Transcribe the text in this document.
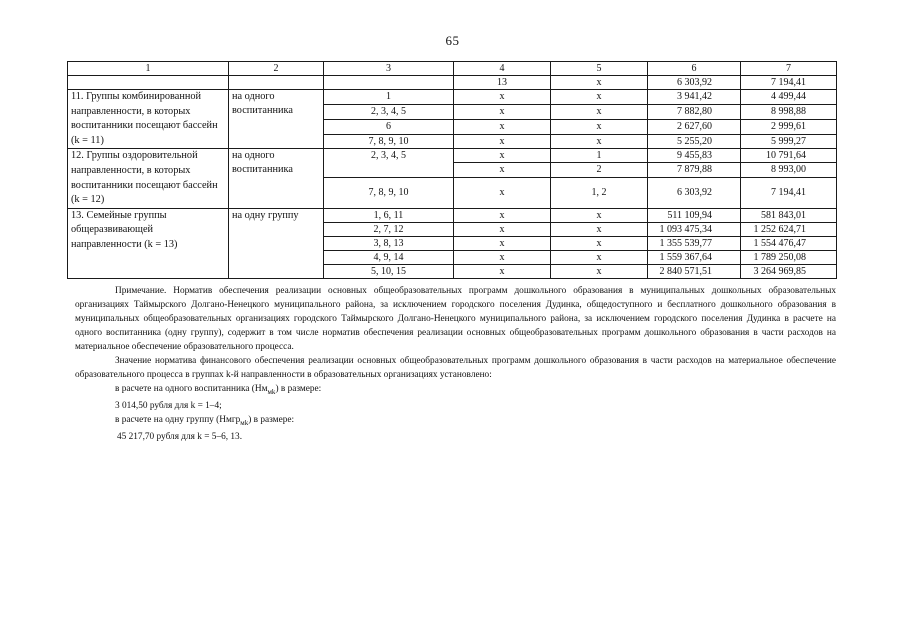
65
1	2	3	4	5	6	7
			13	х	6 303,92	7 194,41
11. Группы комбинированной направленности, в которых воспитанники посещают бассейн (k = 11)	на одного воспитанника	1	х	х	3 941,42	4 499,44
		2, 3, 4, 5	х	х	7 882,80	8 998,88
		6	х	х	2 627,60	2 999,61
		7, 8, 9, 10	х	х	5 255,20	5 999,27
12. Группы оздоровительной направленности, в которых воспитанники посещают бассейн (k = 12)	на одного воспитанника	2, 3, 4, 5	х	1	9 455,83	10 791,64
			х	2	7 879,88	8 993,00
		7, 8, 9, 10	х	1, 2	6 303,92	7 194,41
13. Семейные группы общеразвивающей направленности (k = 13)	на одну группу	1, 6, 11	х	х	511 109,94	581 843,01
		2, 7, 12	х	х	1 093 475,34	1 252 624,71
		3, 8, 13	х	х	1 355 539,77	1 554 476,47
		4, 9, 14	х	х	1 559 367,64	1 789 250,08
		5, 10, 15	х	х	2 840 571,51	3 264 969,85

Примечание. Норматив обеспечения реализации основных общеобразовательных программ дошкольного образования в муниципальных дошкольных образовательных организациях Таймырского Долгано-Ненецкого муниципального района, за исключением городского поселения Дудинка, общедоступного и бесплатного дошкольного образования в муниципальных общеобразовательных организациях городского Таймырского Долгано-Ненецкого муниципального района, за исключением городского поселения Дудинка в расчете на одного воспитанника (одну группу), содержит в том числе норматив обеспечения реализации основных общеобразовательных программ дошкольного образования в части расходов на материальное обеспечение образовательного процесса.

Значение норматива финансового обеспечения реализации основных общеобразовательных программ дошкольного образования в части расходов на материальное обеспечение образовательного процесса в группах k-й направленности в образовательных организациях установлено:

в расчете на одного воспитанника $(Нм_{мk})$ в размере:

3 014,50 рубля для k = 1–4;

в расчете на одну группу (Нмгр$_{мk}$) в размере:

45 217,70 рубля для k = 5–6, 13.
